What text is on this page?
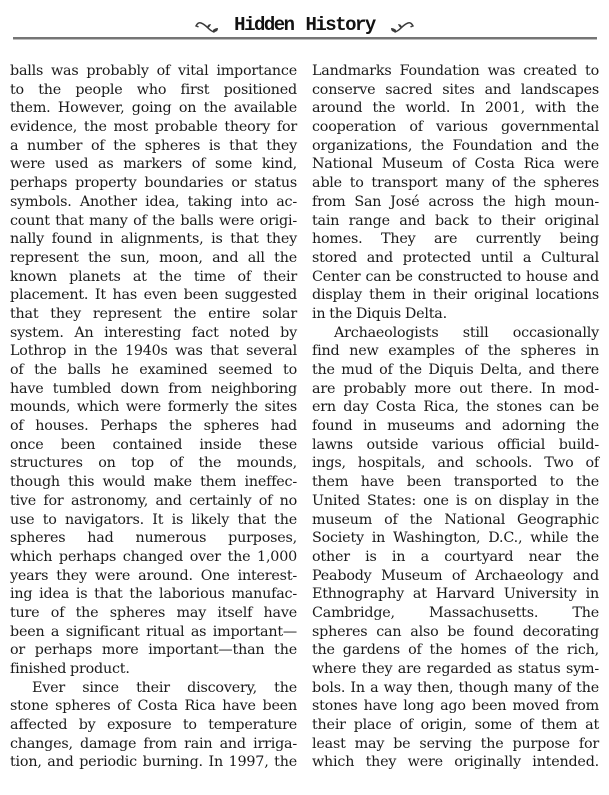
Hidden History
balls was probably of vital importance
to the people who first positioned
them. However, going on the available
evidence, the most probable theory for
a number of the spheres is that they
were used as markers of some kind,
perhaps property boundaries or status
symbols. Another idea, taking into ac-
count that many of the balls were origi-
nally found in alignments, is that they
represent the sun, moon, and all the
known planets at the time of their
placement. It has even been suggested
that they represent the entire solar
system. An interesting fact noted by
Lothrop in the 1940s was that several
of the balls he examined seemed to
have tumbled down from neighboring
mounds, which were formerly the sites
of houses. Perhaps the spheres had
once been contained inside these
structures on top of the mounds,
though this would make them ineffec-
tive for astronomy, and certainly of no
use to navigators. It is likely that the
spheres had numerous purposes,
which perhaps changed over the 1,000
years they were around. One interest-
ing idea is that the laborious manufac-
ture of the spheres may itself have
been a significant ritual as important—
or perhaps more important—than the
finished product.
Ever since their discovery, the
stone spheres of Costa Rica have been
affected by exposure to temperature
changes, damage from rain and irriga-
tion, and periodic burning. In 1997, the
Landmarks Foundation was created to
conserve sacred sites and landscapes
around the world. In 2001, with the
cooperation of various governmental
organizations, the Foundation and the
National Museum of Costa Rica were
able to transport many of the spheres
from San José across the high moun-
tain range and back to their original
homes. They are currently being
stored and protected until a Cultural
Center can be constructed to house and
display them in their original locations
in the Diquis Delta.
Archaeologists still occasionally
find new examples of the spheres in
the mud of the Diquis Delta, and there
are probably more out there. In mod-
ern day Costa Rica, the stones can be
found in museums and adorning the
lawns outside various official build-
ings, hospitals, and schools. Two of
them have been transported to the
United States: one is on display in the
museum of the National Geographic
Society in Washington, D.C., while the
other is in a courtyard near the
Peabody Museum of Archaeology and
Ethnography at Harvard University in
Cambridge, Massachusetts. The
spheres can also be found decorating
the gardens of the homes of the rich,
where they are regarded as status sym-
bols. In a way then, though many of the
stones have long ago been moved from
their place of origin, some of them at
least may be serving the purpose for
which they were originally intended.
